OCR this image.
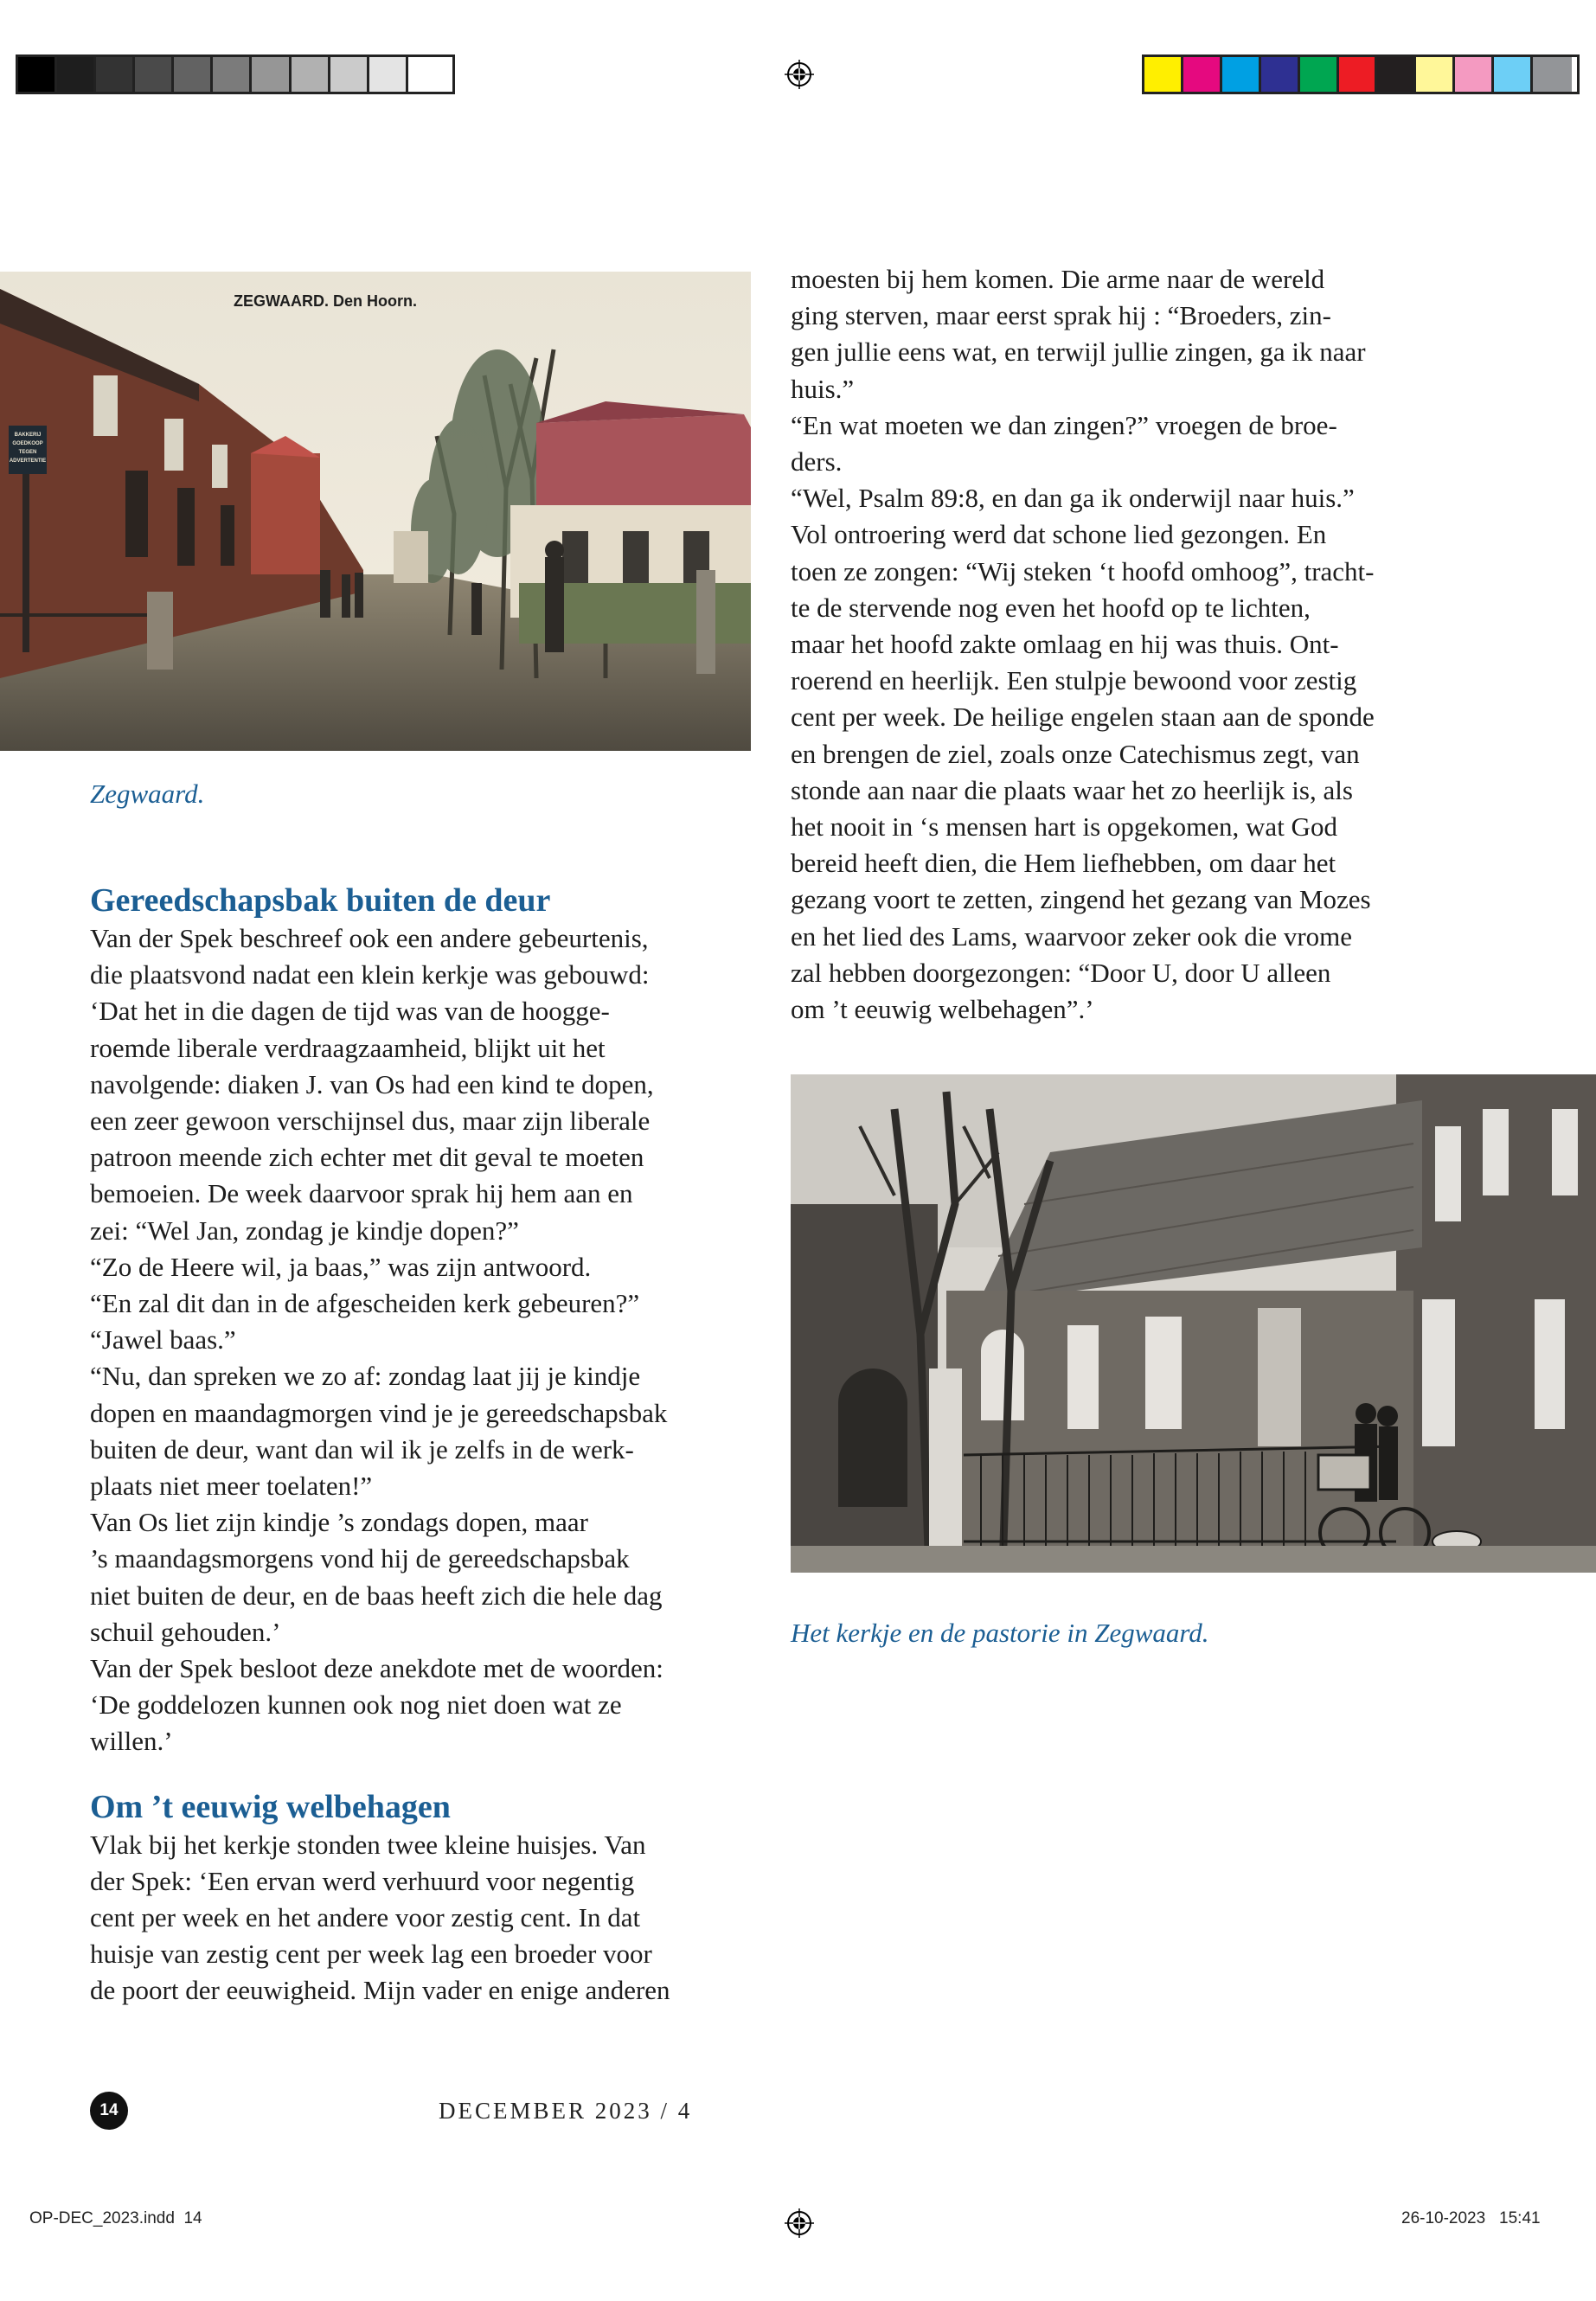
BAKKERIJ
GOEDKOOP
TEGEN
ADVERTENTIE
ZEGWAARD. Den Hoorn.
Zegwaard.
Gereedschapsbak buiten de deur
Van der Spek beschreef ook een andere gebeurtenis,
die plaatsvond nadat een klein kerkje was gebouwd:
‘Dat het in die dagen de tijd was van de hoogge-
roemde liberale verdraagzaamheid, blijkt uit het
navolgende: diaken J. van Os had een kind te dopen,
een zeer gewoon verschijnsel dus, maar zijn liberale
patroon meende zich echter met dit geval te moeten
bemoeien. De week daarvoor sprak hij hem aan en
zei: “Wel Jan, zondag je kindje dopen?”
“Zo de Heere wil, ja baas,” was zijn antwoord.
“En zal dit dan in de afgescheiden kerk gebeuren?”
“Jawel baas.”
“Nu, dan spreken we zo af: zondag laat jij je kindje
dopen en maandagmorgen vind je je gereedschapsbak
buiten de deur, want dan wil ik je zelfs in de werk-
plaats niet meer toelaten!”
Van Os liet zijn kindje ’s zondags dopen, maar
’s maandagsmorgens vond hij de gereedschapsbak
niet buiten de deur, en de baas heeft zich die hele dag
schuil gehouden.’
Van der Spek besloot deze anekdote met de woorden:
‘De goddelozen kunnen ook nog niet doen wat ze
willen.’
Om ’t eeuwig welbehagen
Vlak bij het kerkje stonden twee kleine huisjes. Van
der Spek: ‘Een ervan werd verhuurd voor negentig
cent per week en het andere voor zestig cent. In dat
huisje van zestig cent per week lag een broeder voor
de poort der eeuwigheid. Mijn vader en enige anderen
moesten bij hem komen. Die arme naar de wereld
ging sterven, maar eerst sprak hij : “Broeders, zin-
gen jullie eens wat, en terwijl jullie zingen, ga ik naar
huis.”
“En wat moeten we dan zingen?” vroegen de broe-
ders.
“Wel, Psalm 89:8, en dan ga ik onderwijl naar huis.”
Vol ontroering werd dat schone lied gezongen. En
toen ze zongen: “Wij steken ‘t hoofd omhoog”, tracht-
te de stervende nog even het hoofd op te lichten,
maar het hoofd zakte omlaag en hij was thuis. Ont-
roerend en heerlijk. Een stulpje bewoond voor zestig
cent per week. De heilige engelen staan aan de sponde
en brengen de ziel, zoals onze Catechismus zegt, van
stonde aan naar die plaats waar het zo heerlijk is, als
het nooit in ‘s mensen hart is opgekomen, wat God
bereid heeft dien, die Hem liefhebben, om daar het
gezang voort te zetten, zingend het gezang van Mozes
en het lied des Lams, waarvoor zeker ook die vrome
zal hebben doorgezongen: “Door U, door U alleen
om ’t eeuwig welbehagen”.’
Het kerkje en de pastorie in Zegwaard.
14	DECEMBER 2023 / 4
OP-DEC_2023.indd  14	26-10-2023   15:41
